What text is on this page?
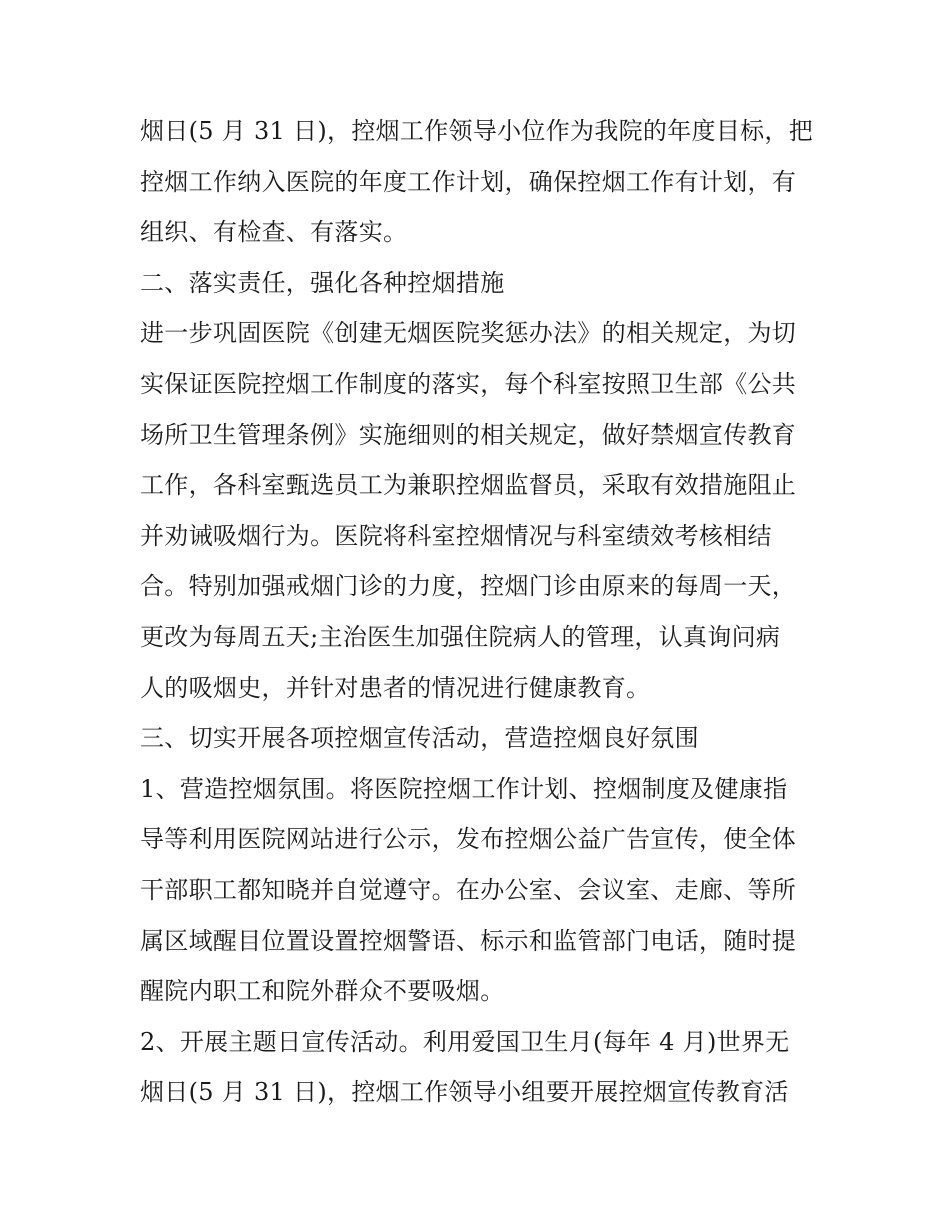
烟日(5 月 31 日)，控烟工作领导小位作为我院的年度目标，把
控烟工作纳入医院的年度工作计划，确保控烟工作有计划，有
组织、有检查、有落实。
二、落实责任，强化各种控烟措施
进一步巩固医院《创建无烟医院奖惩办法》的相关规定，为切
实保证医院控烟工作制度的落实，每个科室按照卫生部《公共
场所卫生管理条例》实施细则的相关规定，做好禁烟宣传教育
工作，各科室甄选员工为兼职控烟监督员，采取有效措施阻止
并劝诫吸烟行为。医院将科室控烟情况与科室绩效考核相结
合。特别加强戒烟门诊的力度，控烟门诊由原来的每周一天，
更改为每周五天;主治医生加强住院病人的管理，认真询问病
人的吸烟史，并针对患者的情况进行健康教育。
三、切实开展各项控烟宣传活动，营造控烟良好氛围
1、营造控烟氛围。将医院控烟工作计划、控烟制度及健康指
导等利用医院网站进行公示，发布控烟公益广告宣传，使全体
干部职工都知晓并自觉遵守。在办公室、会议室、走廊、等所
属区域醒目位置设置控烟警语、标示和监管部门电话，随时提
醒院内职工和院外群众不要吸烟。
2、开展主题日宣传活动。利用爱国卫生月(每年 4 月)世界无
烟日(5 月 31 日)，控烟工作领导小组要开展控烟宣传教育活
